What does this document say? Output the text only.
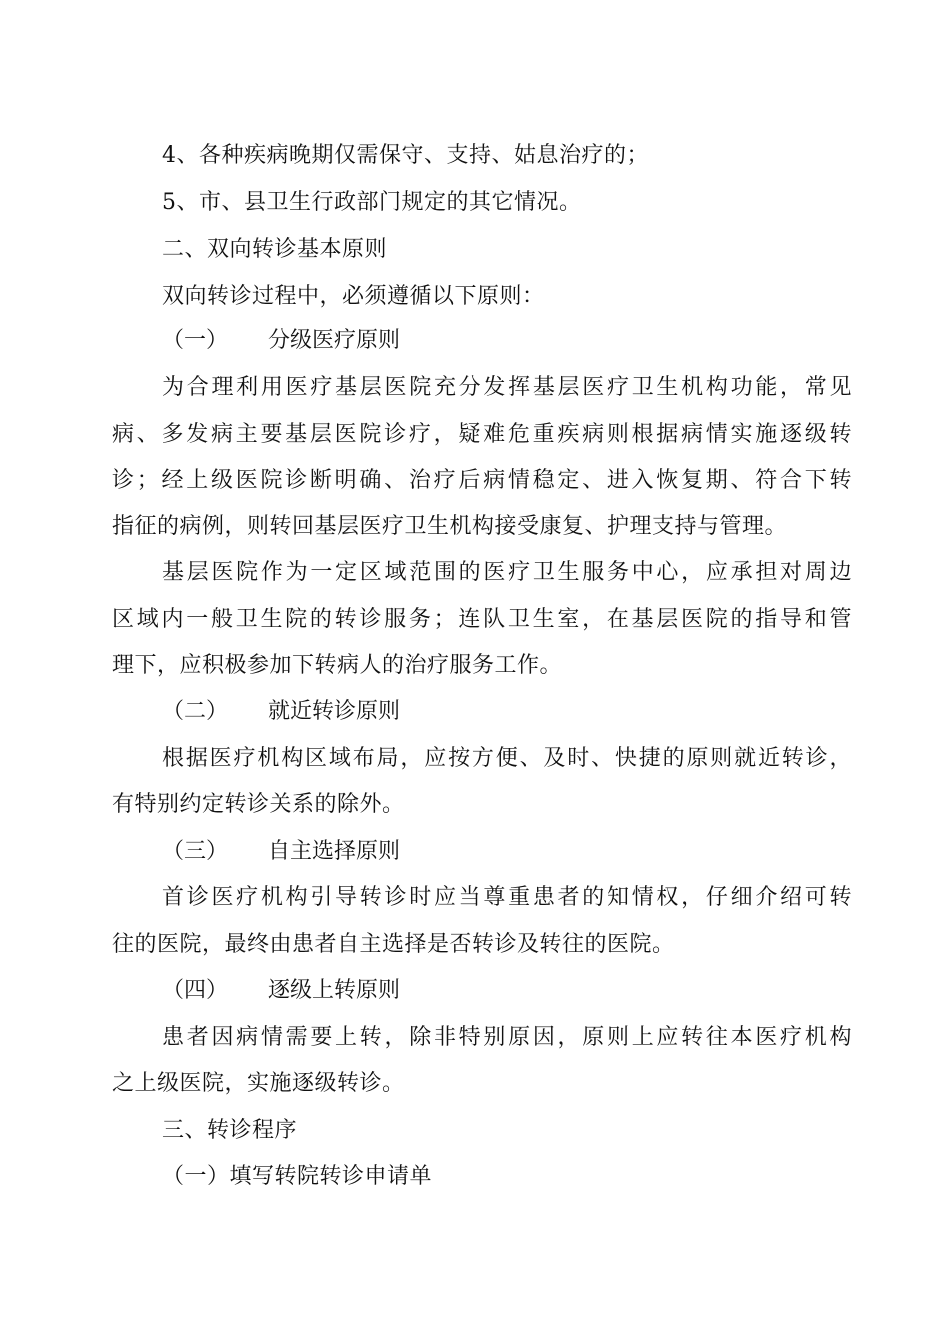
4、各种疾病晚期仅需保守、支持、姑息治疗的；
5、市、县卫生行政部门规定的其它情况。
二、双向转诊基本原则
双向转诊过程中，必须遵循以下原则：
（一） 分级医疗原则
为合理利用医疗基层医院充分发挥基层医疗卫生机构功能，常见
病、多发病主要基层医院诊疗，疑难危重疾病则根据病情实施逐级转
诊；经上级医院诊断明确、治疗后病情稳定、进入恢复期、符合下转
指征的病例，则转回基层医疗卫生机构接受康复、护理支持与管理。
基层医院作为一定区域范围的医疗卫生服务中心，应承担对周边
区域内一般卫生院的转诊服务；连队卫生室，在基层医院的指导和管
理下，应积极参加下转病人的治疗服务工作。
（二） 就近转诊原则
根据医疗机构区域布局，应按方便、及时、快捷的原则就近转诊，
有特别约定转诊关系的除外。
（三） 自主选择原则
首诊医疗机构引导转诊时应当尊重患者的知情权，仔细介绍可转
往的医院，最终由患者自主选择是否转诊及转往的医院。
（四） 逐级上转原则
患者因病情需要上转，除非特别原因，原则上应转往本医疗机构
之上级医院，实施逐级转诊。
三、转诊程序
（一）填写转院转诊申请单
